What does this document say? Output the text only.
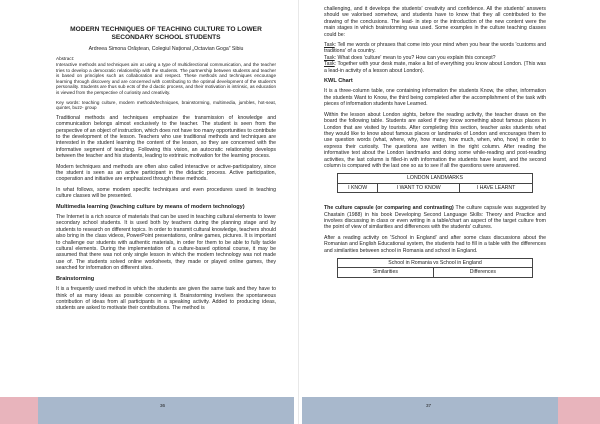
MODERN TECHNIQUES OF TEACHING CULTURE TO LOWER SECONDARY SCHOOL STUDENTS

Ardreea Simona Orăștean, Colegiul Național „Octavian Goga” Sibiu

Abstract:
Interactive methods and techniques aim at using a type of multidirectional communication, and the teacher tries to develop a democratic relationship with the students. The partnership between students and teacher is based on principles such as collaboration and respect. These methods and techniques encourage learning through discovery and are concerned with contributing to the optimal development of the student's personality. Students are thus sub ects of the d dactic process, and their motivation is intrinsic, as education is viewed from the perspective of curiosity and creativity.

Key words: teaching culture, modern methods/techniques, brainstorming, multimedia, jumbles, hot-seat, quintet, buzz- group

Traditional methods and techniques emphasize the transmission of knowledge and communication belongs almost exclusively to the teacher. The student is seen from the perspective of an object of instruction, which does not have too many opportunities to contribute to the development of the lesson. Teachers who use traditional methods and techniques are interested in the student learning the content of the lesson, so they are concerned with the informative segment of teaching. Following this vision, an autocratic relationship develops between the teacher and his students, leading to extrinsic motivation for the learning process.

Modern techniques and methods are often also called interactive or active-participatory, since the student is seen as an active participant in the didactic process. Active participation, cooperation and initiative are emphasized through these methods.

In what follows, some modern specific techniques and even procedures used in teaching culture classes will be presented.

Multimedia learning (teaching culture by means of modern technology)

The Internet is a rich source of materials that can be used in teaching cultural elements to lower secondary school students. It is used both by teachers during the planning stage and by students to research on different topics. In order to transmit cultural knowledge, teachers should also bring in the class videos, PowerPoint presentations, online games, pictures. It is important to challenge our students with authentic materials, in order for them to be able to fully tackle cultural elements. During the implementation of a culture-based optional course, it may be assumed that there was not only single lesson in which the modern technology was not made use of. The students solved online worksheets, they made or played online games, they searched for information on different sites.

Brainstorming

It is a frequently used method in which the students are given the same task and they have to think of as many ideas as possible concerning it. Brainstorming involves the spontaneous contribution of ideas from all participants in a speaking activity. Added to producing ideas, students are asked to motivate their contributions. The method is

challenging, and it develops the students' creativity and confidence. All the students' answers should we valorised somehow, and students have to know that they all contributed to the drawing of the conclusions. The lead- in step or the introduction of the new content were the main stages in which brainstorming was used. Some examples in the culture teaching classes could be:

Task: Tell me words or phrases that come into your mind when you hear the words 'customs and traditions' of a country.

Task: What does 'culture' mean to you? How can you explain this concept?

Task: Together with your desk mate, make a list of everything you know about London. (This was a lead-in activity of a lesson about London).

KWL Chart

It is a three-column table, one containing information the students Know, the other, information the students Want to Know, the third being completed after the accomplishment of the task with pieces of information students have Learned.

Within the lesson about London sights, before the reading activity, the teacher draws on the board the following table. Students are asked if they know something about famous places in London that are visited by tourists. After completing this section, teacher asks students what they would like to know about famous places or landmarks of London and encourages them to use question words (what, where, why, how many, how much, when, who, how) in order to express their curiosity. The questions are written in the right column. After reading the informative text about the London landmarks and doing some while-reading and post-reading activities, the last column is filled-in with information the students have learnt, and the second column is compared with the last one so as to see if all the questions were answered.

LONDON LANDMARKS
I KNOW	I WANT TO KNOW	I HAVE LEARNT

The culture capsule (or comparing and contrasting) The culture capsule was suggested by Chastain (1988) in his book Developing Second Language Skills: Theory and Practice and involves discussing in class or even writing in a table/chart an aspect of the target culture from the point of view of similarities and differences with the students' cultures.

After a reading activity on 'School in England' and after some class discussions about the Romanian and English Educational system, the students had to fill in a table with the differences and similarities between school in Romania and school in England.

School in Romania vs School in England
Similarities	Differences
36	37
